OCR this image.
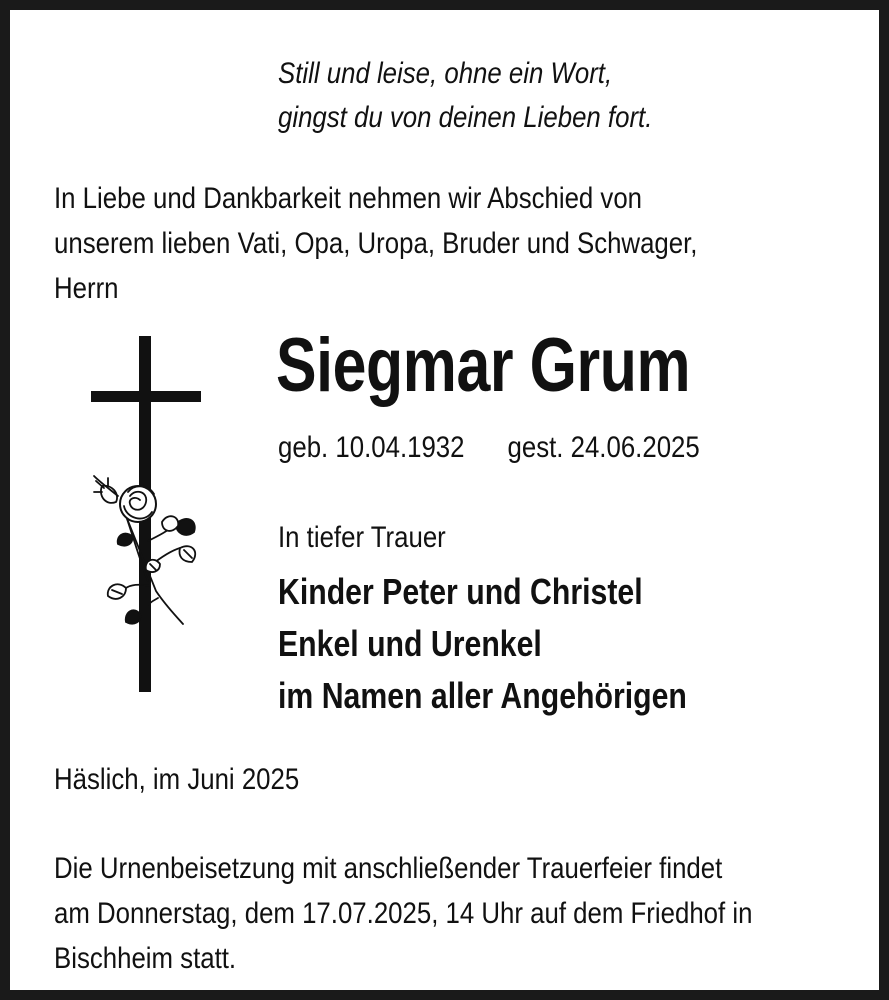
Still und leise, ohne ein Wort,
gingst du von deinen Lieben fort.
In Liebe und Dankbarkeit nehmen wir Abschied von
unserem lieben Vati, Opa, Uropa, Bruder und Schwager,
Herrn
Siegmar Grum
geb. 10.04.1932 gest. 24.06.2025
In tiefer Trauer
Kinder Peter und Christel
Enkel und Urenkel
im Namen aller Angehörigen
Häslich, im Juni 2025
Die Urnenbeisetzung mit anschließender Trauerfeier findet
am Donnerstag, dem 17.07.2025, 14 Uhr auf dem Friedhof in
Bischheim statt.
